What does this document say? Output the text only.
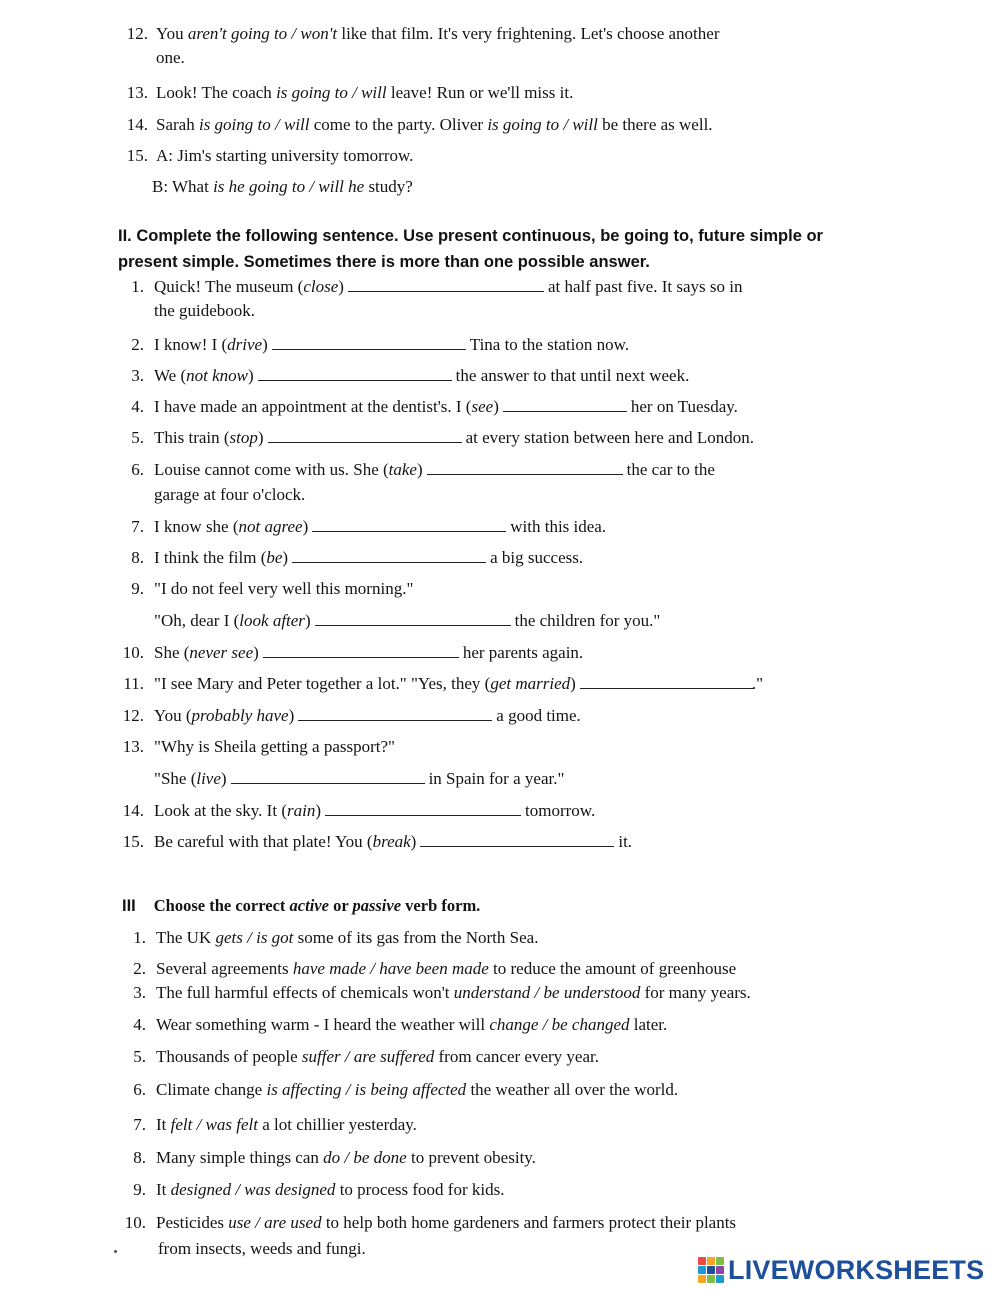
12. You aren't going to / won't like that film. It's very frightening. Let's choose another
one.
13. Look! The coach is going to / will leave! Run or we'll miss it.
14. Sarah is going to / will come to the party. Oliver is going to / will be there as well.
15. A: Jim's starting university tomorrow.
B: What is he going to / will he study?
II. Complete the following sentence. Use present continuous, be going to, future simple or
present simple. Sometimes there is more than one possible answer.
1. Quick! The museum (close)	at half past five. It says so in
the guidebook.
2. I know! I (drive)	Tina to the station now.
3. We (not know)	the answer to that until next week.
4. I have made an appointment at the dentist's. I (see)	her on Tuesday.
5. This train (stop)	at every station between here and London.
6. Louise cannot come with us. She (take)	the car to the
garage at four o'clock.
7. I know she (not agree)	with this idea.
8. I think the film (be)	a big success.
9. "I do not feel very well this morning."
"Oh, dear I (look after)	the children for you."
10. She (never see)	her parents again.
11. "I see Mary and Peter together a lot." "Yes, they (get married)	."
12. You (probably have)	a good time.
13. "Why is Sheila getting a passport?"
"She (live)	in Spain for a year."
14. Look at the sky. It (rain)	tomorrow.
15. Be careful with that plate! You (break)	it.
III Choose the correct active or passive verb form.
1. The UK gets / is got some of its gas from the North Sea.
2. Several agreements have made / have been made to reduce the amount of greenhouse
3. The full harmful effects of chemicals won't understand / be understood for many years.
4. Wear something warm - I heard the weather will change / be changed later.
5. Thousands of people suffer / are suffered from cancer every year.
6. Climate change is affecting / is being affected the weather all over the world.
7. It felt / was felt a lot chillier yesterday.
8. Many simple things can do / be done to prevent obesity.
9. It designed / was designed to process food for kids.
10. Pesticides use / are used to help both home gardeners and farmers protect their plants
from insects, weeds and fungi.
LIVEWORKSHEETS
